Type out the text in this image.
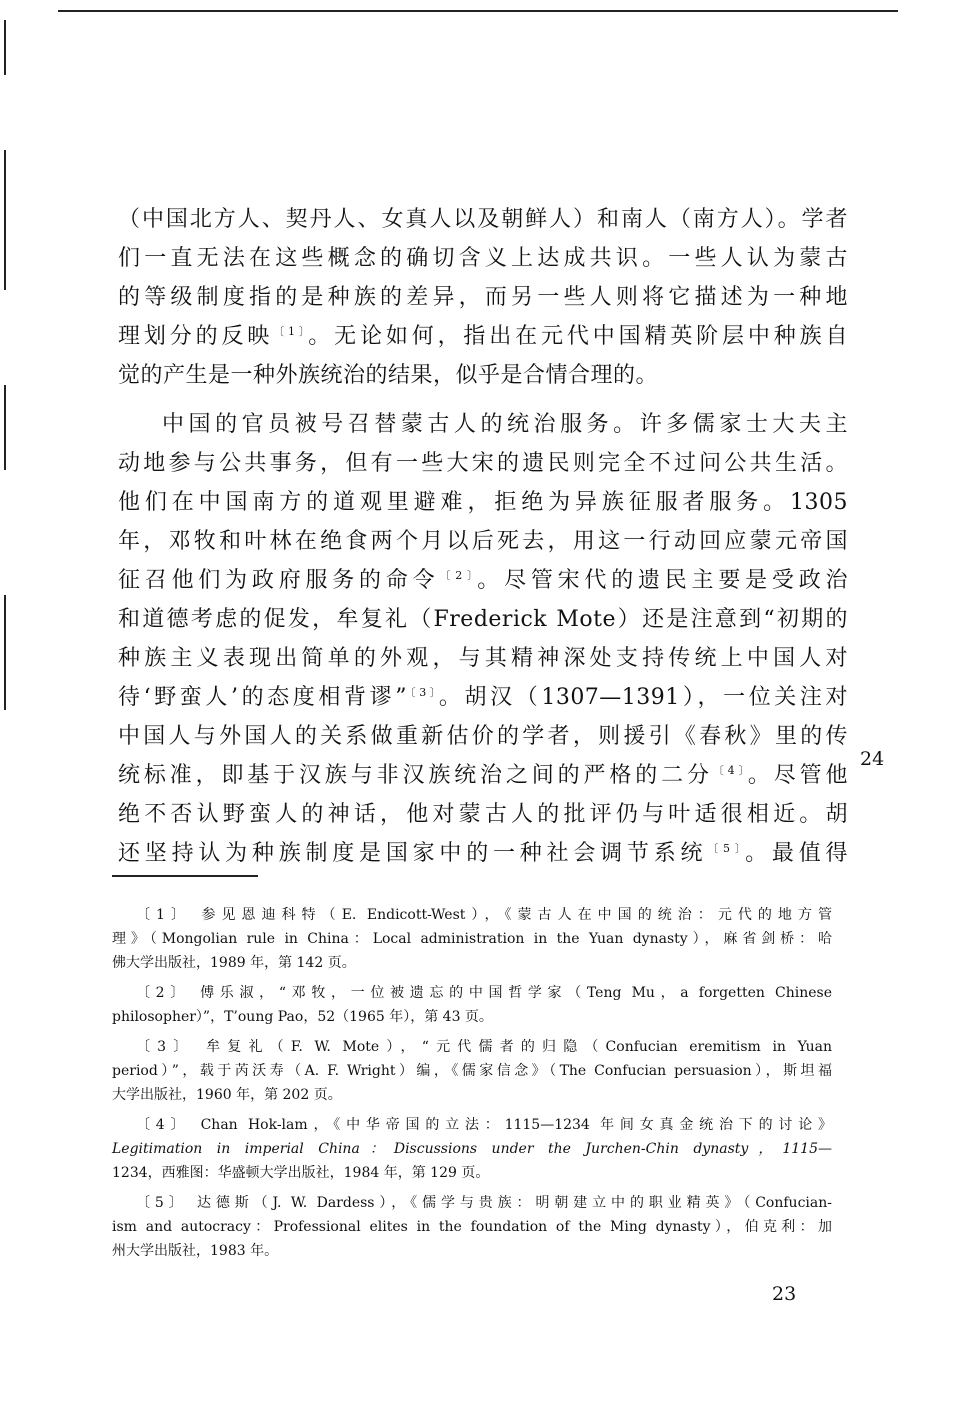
（中国北方人、契丹人、女真人以及朝鲜人）和南人（南方人）。学者
们一直无法在这些概念的确切含义上达成共识。一些人认为蒙古
的等级制度指的是种族的差异，而另一些人则将它描述为一种地
理划分的反映$^{〔1〕}$。无论如何，指出在元代中国精英阶层中种族自
觉的产生是一种外族统治的结果，似乎是合情合理的。
中国的官员被号召替蒙古人的统治服务。许多儒家士大夫主
动地参与公共事务，但有一些大宋的遗民则完全不过问公共生活。
他们在中国南方的道观里避难，拒绝为异族征服者服务。1305
年，邓牧和叶林在绝食两个月以后死去，用这一行动回应蒙元帝国
征召他们为政府服务的命令$^{〔2〕}$。尽管宋代的遗民主要是受政治
和道德考虑的促发，牟复礼（Frederick Mote）还是注意到“初期的
种族主义表现出简单的外观，与其精神深处支持传统上中国人对
待‘野蛮人’的态度相背谬”$^{〔3〕}$。胡汉（1307—1391），一位关注对
中国人与外国人的关系做重新估价的学者，则援引《春秋》里的传
统标准，即基于汉族与非汉族统治之间的严格的二分$^{〔4〕}$。尽管他
绝不否认野蛮人的神话，他对蒙古人的批评仍与叶适很相近。胡
还坚持认为种族制度是国家中的一种社会调节系统$^{〔5〕}$。最值得
24
〔1〕 参见恩迪科特（E. Endicott-West），《蒙古人在中国的统治：元代的地方管
理》（Mongolian rule in China：Local administration in the Yuan dynasty），麻省剑桥：哈
佛大学出版社，1989 年，第 142 页。
〔2〕 傅乐淑，“邓牧，一位被遗忘的中国哲学家（Teng Mu，a forgetten Chinese
philosopher）”，T’oung Pao，52（1965 年），第 43 页。
〔3〕 牟复礼（F. W. Mote），“元代儒者的归隐（Confucian eremitism in Yuan
period）”，载于芮沃寿（A. F. Wright）编，《儒家信念》（The Confucian persuasion），斯坦福
大学出版社，1960 年，第 202 页。
〔4〕 Chan Hok-lam，《中华帝国的立法：1115—1234 年间女真金统治下的讨论》
Legitimation in imperial China：Discussions under the Jurchen-Chin dynasty，1115—
1234，西雅图：华盛顿大学出版社，1984 年，第 129 页。
〔5〕 达德斯（J. W. Dardess），《儒学与贵族：明朝建立中的职业精英》（Confucian-
ism and autocracy：Professional elites in the foundation of the Ming dynasty），伯克利：加
州大学出版社，1983 年。
23
